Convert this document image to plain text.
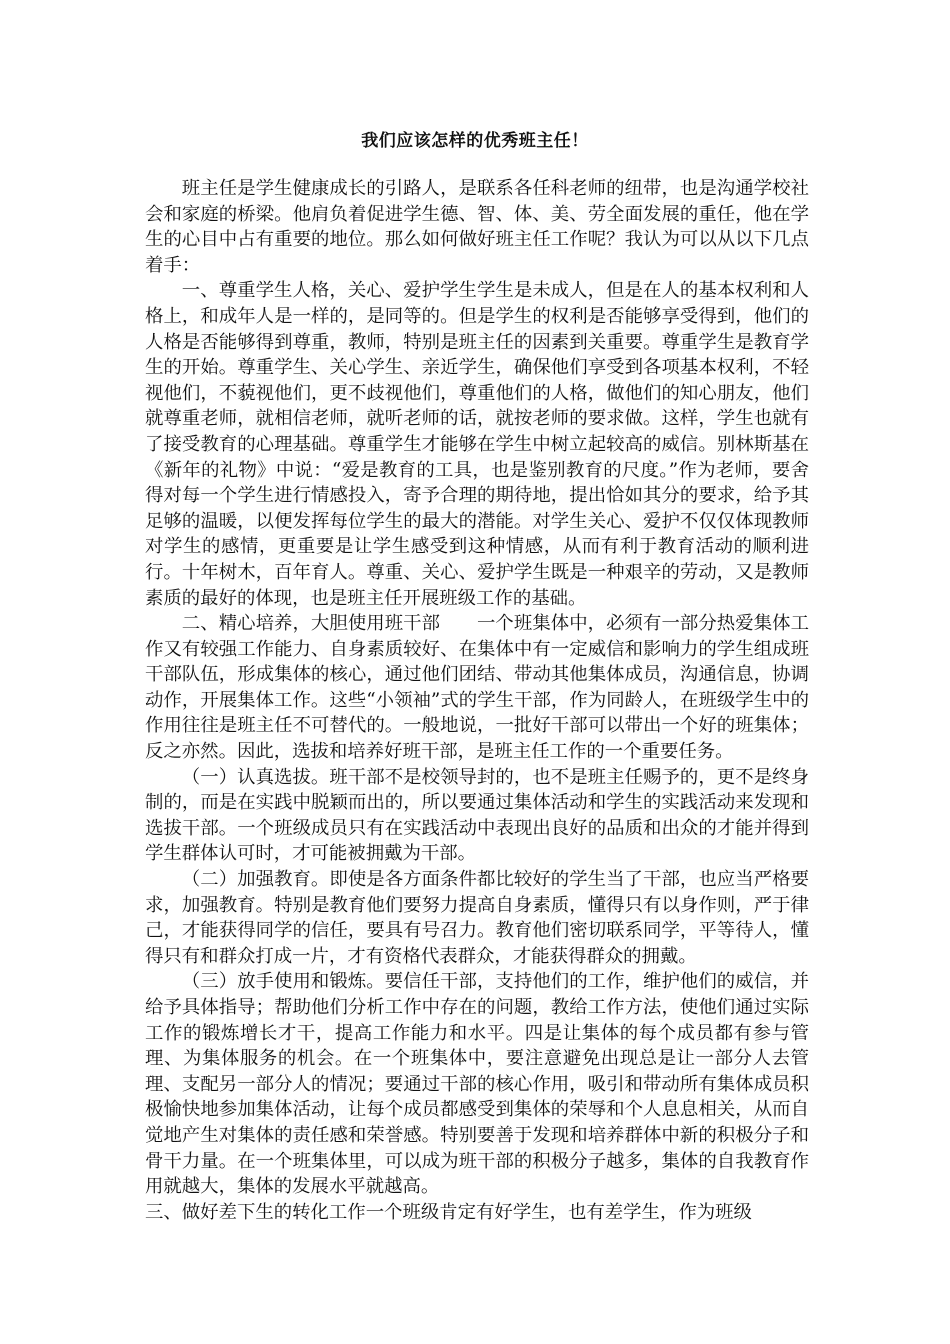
我们应该怎样的优秀班主任！

班主任是学生健康成长的引路人，是联系各任科老师的纽带，也是沟通学校社会和家庭的桥梁。他肩负着促进学生德、智、体、美、劳全面发展的重任，他在学生的心目中占有重要的地位。那么如何做好班主任工作呢？我认为可以从以下几点着手：

一、尊重学生人格，关心、爱护学生学生是未成人，但是在人的基本权利和人格上，和成年人是一样的，是同等的。但是学生的权利是否能够享受得到，他们的人格是否能够得到尊重，教师，特别是班主任的因素到关重要。尊重学生是教育学生的开始。尊重学生、关心学生、亲近学生，确保他们享受到各项基本权利，不轻视他们，不藐视他们，更不歧视他们，尊重他们的人格，做他们的知心朋友，他们就尊重老师，就相信老师，就听老师的话，就按老师的要求做。这样，学生也就有了接受教育的心理基础。尊重学生才能够在学生中树立起较高的威信。别林斯基在《新年的礼物》中说：“爱是教育的工具，也是鉴别教育的尺度。”作为老师，要舍得对每一个学生进行情感投入，寄予合理的期待地，提出恰如其分的要求，给予其足够的温暖，以便发挥每位学生的最大的潜能。对学生关心、爱护不仅仅体现教师对学生的感情，更重要是让学生感受到这种情感，从而有利于教育活动的顺利进行。十年树木，百年育人。尊重、关心、爱护学生既是一种艰辛的劳动，又是教师素质的最好的体现，也是班主任开展班级工作的基础。

二、精心培养，大胆使用班干部　　一个班集体中，必须有一部分热爱集体工作又有较强工作能力、自身素质较好、在集体中有一定威信和影响力的学生组成班干部队伍，形成集体的核心，通过他们团结、带动其他集体成员，沟通信息，协调动作，开展集体工作。这些“小领袖”式的学生干部，作为同龄人，在班级学生中的作用往往是班主任不可替代的。一般地说，一批好干部可以带出一个好的班集体；反之亦然。因此，选拔和培养好班干部，是班主任工作的一个重要任务。

（一）认真选拔。班干部不是校领导封的，也不是班主任赐予的，更不是终身制的，而是在实践中脱颖而出的，所以要通过集体活动和学生的实践活动来发现和选拔干部。一个班级成员只有在实践活动中表现出良好的品质和出众的才能并得到学生群体认可时，才可能被拥戴为干部。

（二）加强教育。即使是各方面条件都比较好的学生当了干部，也应当严格要求，加强教育。特别是教育他们要努力提高自身素质，懂得只有以身作则，严于律己，才能获得同学的信任，要具有号召力。教育他们密切联系同学，平等待人，懂得只有和群众打成一片，才有资格代表群众，才能获得群众的拥戴。

（三）放手使用和锻炼。要信任干部，支持他们的工作，维护他们的威信，并给予具体指导；帮助他们分析工作中存在的问题，教给工作方法，使他们通过实际工作的锻炼增长才干，提高工作能力和水平。四是让集体的每个成员都有参与管理、为集体服务的机会。在一个班集体中，要注意避免出现总是让一部分人去管理、支配另一部分人的情况；要通过干部的核心作用，吸引和带动所有集体成员积极愉快地参加集体活动，让每个成员都感受到集体的荣辱和个人息息相关，从而自觉地产生对集体的责任感和荣誉感。特别要善于发现和培养群体中新的积极分子和骨干力量。在一个班集体里，可以成为班干部的积极分子越多，集体的自我教育作用就越大，集体的发展水平就越高。

三、做好差下生的转化工作一个班级肯定有好学生，也有差学生，作为班级
